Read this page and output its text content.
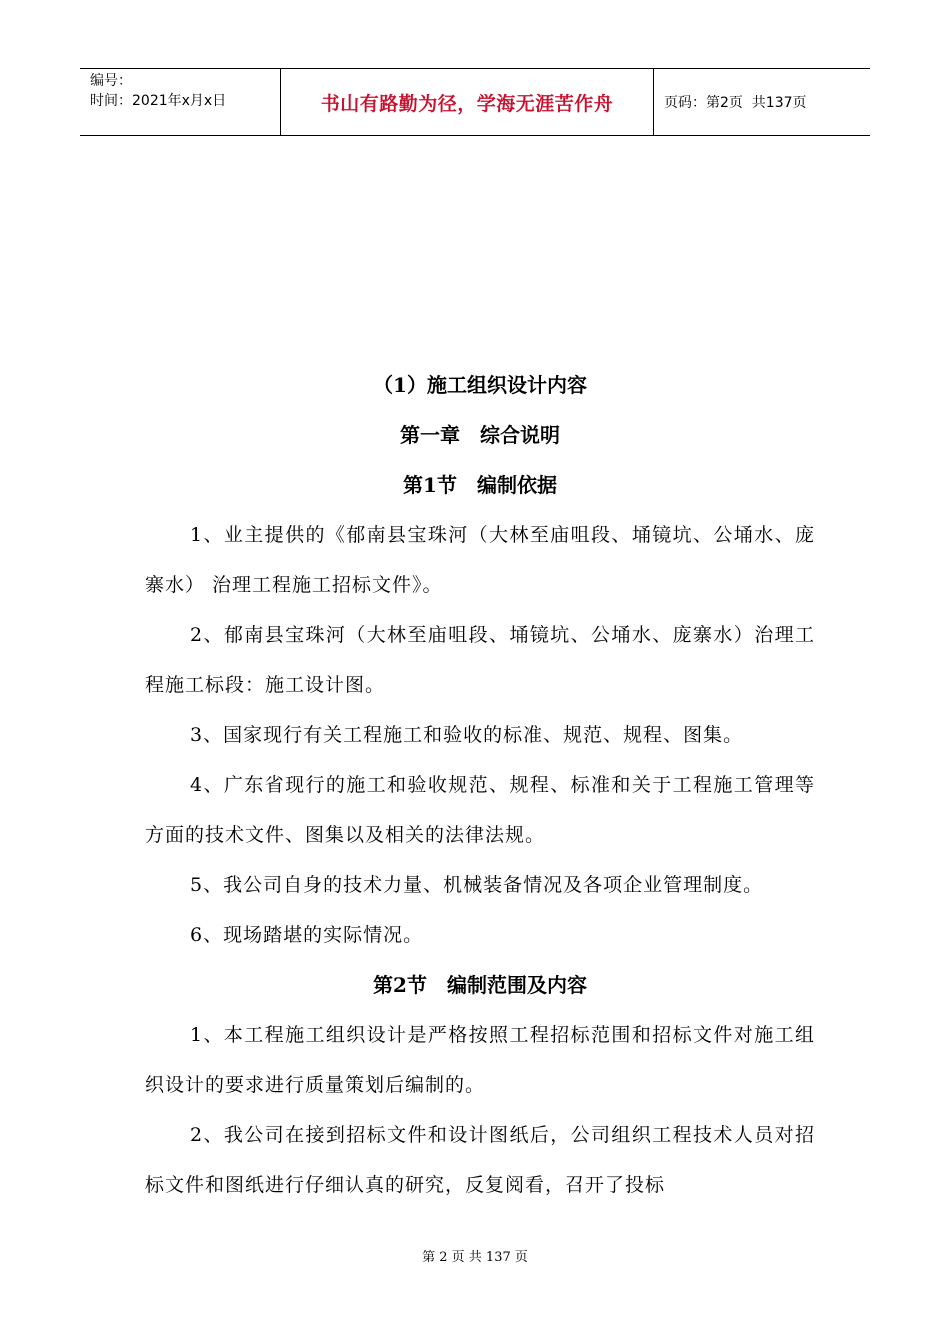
编号：
时间：2021年x月x日	书山有路勤为径，学海无涯苦作舟	页码：第2页  共137页
（1）施工组织设计内容
第一章　综合说明
第1节　编制依据
1、业主提供的《郁南县宝珠河（大林至庙咀段、埇镜坑、公埇水、庞寨水） 治理工程施工招标文件》。
2、郁南县宝珠河（大林至庙咀段、埇镜坑、公埇水、庞寨水）治理工程施工标段：施工设计图。
3、国家现行有关工程施工和验收的标准、规范、规程、图集。
4、广东省现行的施工和验收规范、规程、标准和关于工程施工管理等方面的技术文件、图集以及相关的法律法规。
5、我公司自身的技术力量、机械装备情况及各项企业管理制度。
6、现场踏堪的实际情况。
第2节　编制范围及内容
1、本工程施工组织设计是严格按照工程招标范围和招标文件对施工组织设计的要求进行质量策划后编制的。
2、我公司在接到招标文件和设计图纸后，公司组织工程技术人员对招标文件和图纸进行仔细认真的研究，反复阅看，召开了投标
第 2 页 共 137 页
